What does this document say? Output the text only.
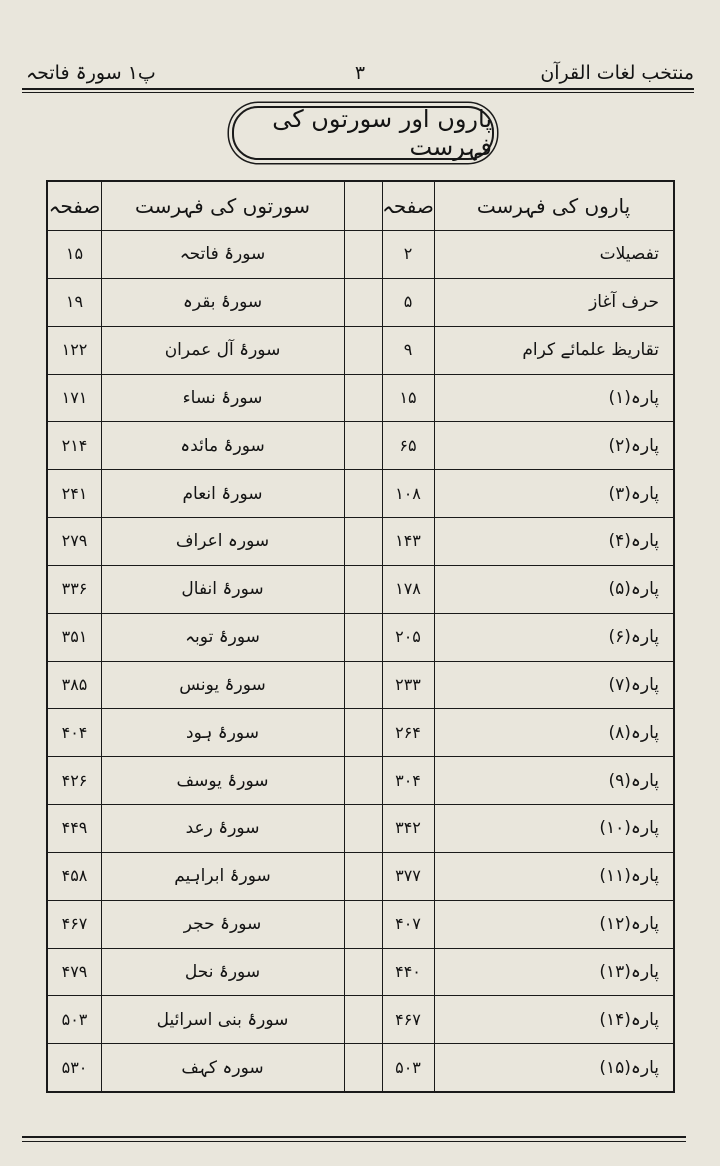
منتخب لغات القرآن
۳
پ۱ سورۃ فاتحہ
پاروں اور سورتوں کی فہرست
صفحہ	سورتوں کی فہرست	صفحہ	پاروں کی فہرست
۱۵	سورۂ فاتحہ	۲	تفصیلات
۱۹	سورۂ بقرہ	۵	حرف آغاز
۱۲۲	سورۂ آل عمران	۹	تقاریظ علمائے کرام
۱۷۱	سورۂ نساء	۱۵	پارہ(۱)
۲۱۴	سورۂ مائدہ	۶۵	پارہ(۲)
۲۴۱	سورۂ انعام	۱۰۸	پارہ(۳)
۲۷۹	سورہ اعراف	۱۴۳	پارہ(۴)
۳۳۶	سورۂ انفال	۱۷۸	پارہ(۵)
۳۵۱	سورۂ توبہ	۲۰۵	پارہ(۶)
۳۸۵	سورۂ یونس	۲۳۳	پارہ(۷)
۴۰۴	سورۂ ہود	۲۶۴	پارہ(۸)
۴۲۶	سورۂ یوسف	۳۰۴	پارہ(۹)
۴۴۹	سورۂ رعد	۳۴۲	پارہ(۱۰)
۴۵۸	سورۂ ابراہیم	۳۷۷	پارہ(۱۱)
۴۶۷	سورۂ حجر	۴۰۷	پارہ(۱۲)
۴۷۹	سورۂ نحل	۴۴۰	پارہ(۱۳)
۵۰۳	سورۂ بنی اسرائیل	۴۶۷	پارہ(۱۴)
۵۳۰	سورہ کہف	۵۰۳	پارہ(۱۵)
